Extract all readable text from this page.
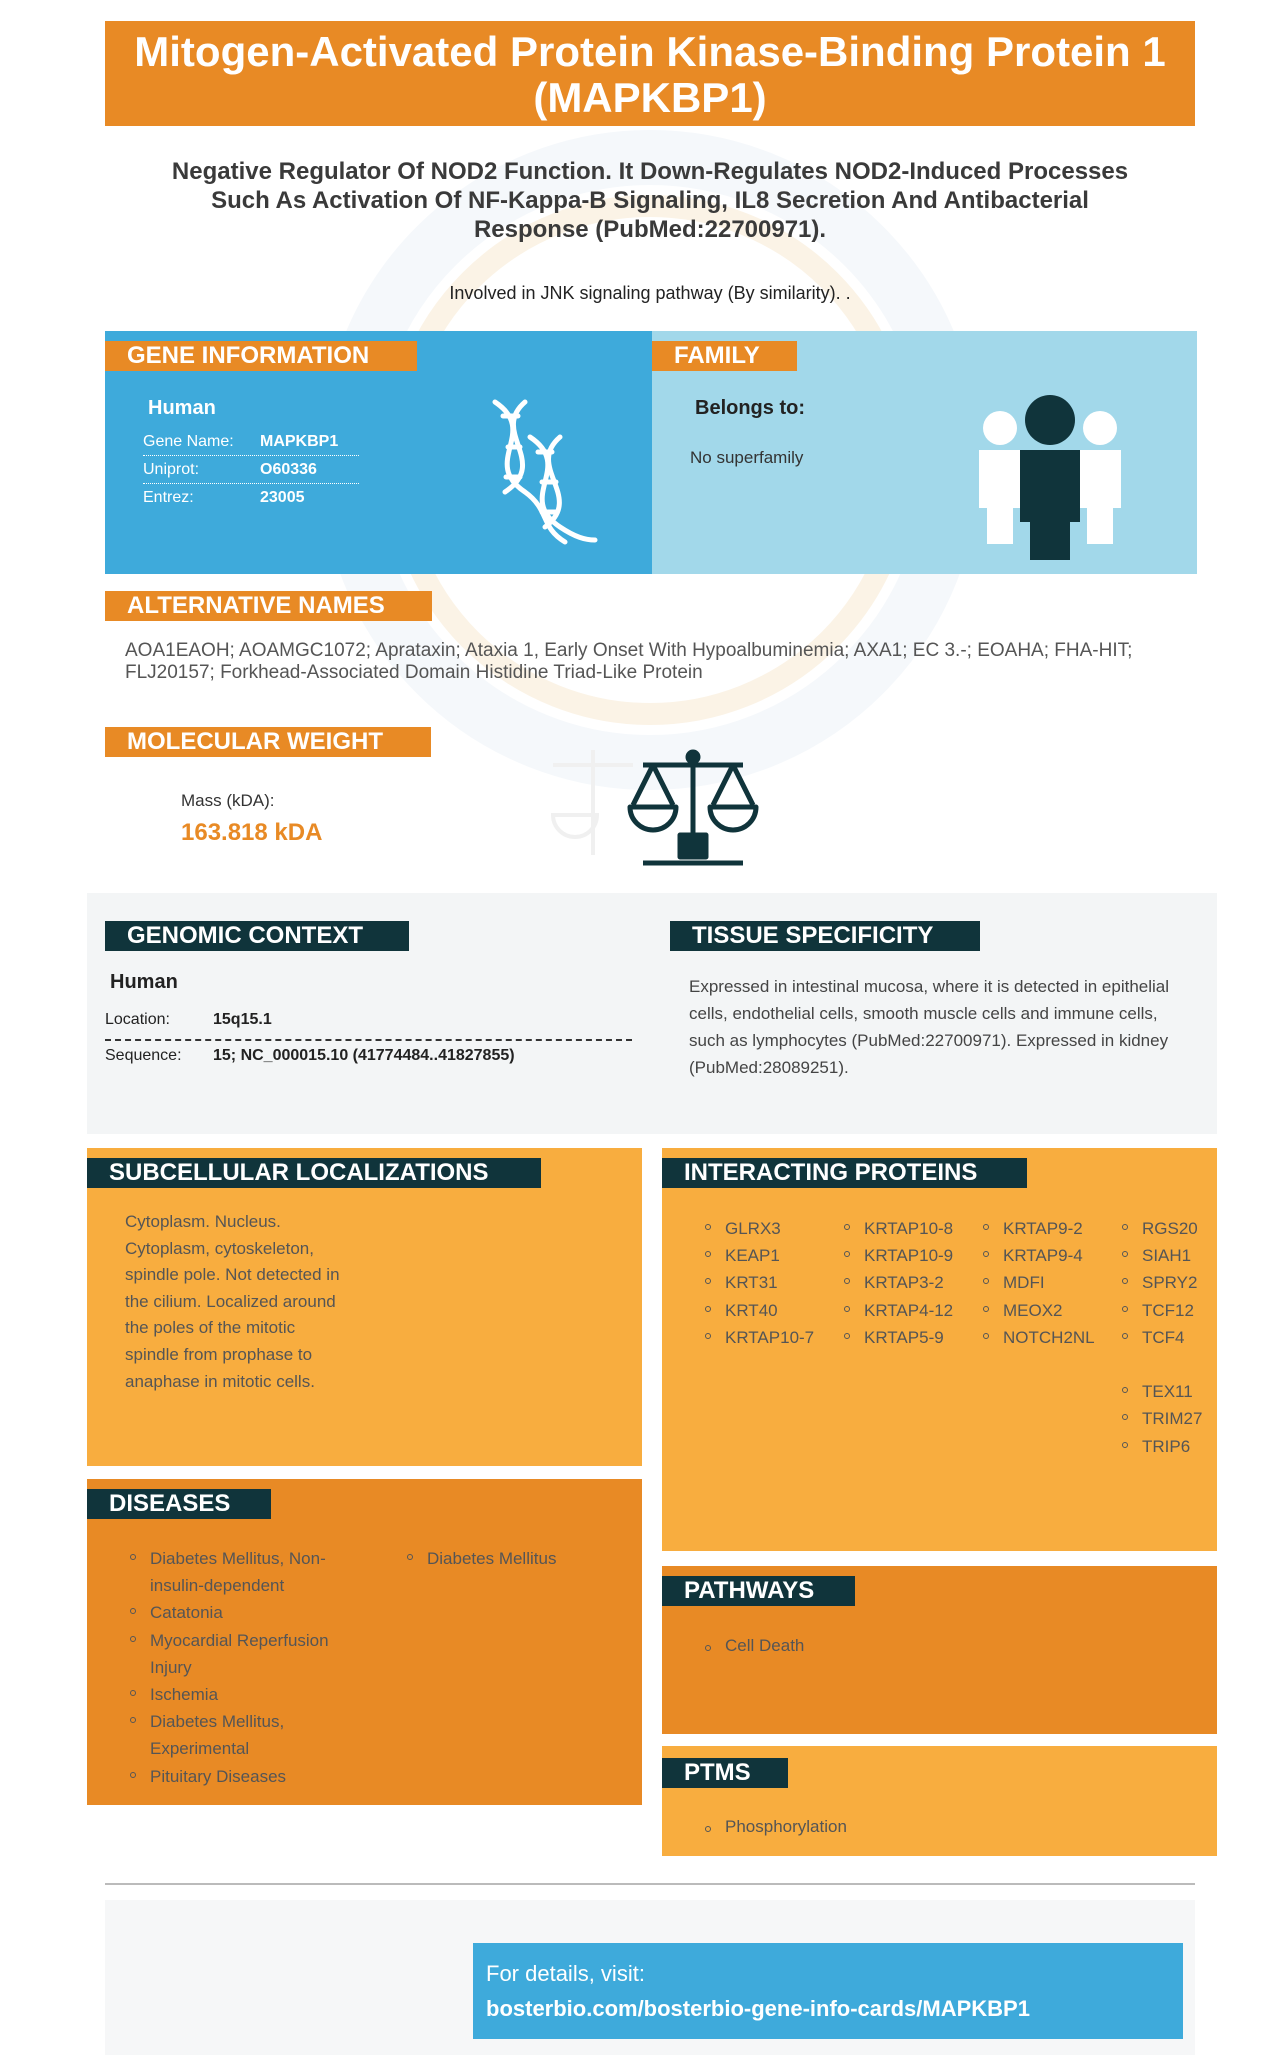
Mitogen-Activated Protein Kinase-Binding Protein 1 (MAPKBP1)
Negative Regulator Of NOD2 Function. It Down-Regulates NOD2-Induced Processes Such As Activation Of NF-Kappa-B Signaling, IL8 Secretion And Antibacterial Response (PubMed:22700971).
Involved in JNK signaling pathway (By similarity). .
GENE INFORMATION
Human
Gene Name:	MAPKBP1
Uniprot:	O60336
Entrez:	23005
FAMILY
Belongs to:
No superfamily
ALTERNATIVE NAMES
AOA1EAOH; AOAMGC1072; Aprataxin; Ataxia 1, Early Onset With Hypoalbuminemia; AXA1; EC 3.-; EOAHA; FHA-HIT; FLJ20157; Forkhead-Associated Domain Histidine Triad-Like Protein
MOLECULAR WEIGHT
Mass (kDA):
163.818 kDA
GENOMIC CONTEXT
Human
Location:	15q15.1
Sequence:	15; NC_000015.10 (41774484..41827855)
TISSUE SPECIFICITY
Expressed in intestinal mucosa, where it is detected in epithelial cells, endothelial cells, smooth muscle cells and immune cells, such as lymphocytes (PubMed:22700971). Expressed in kidney (PubMed:28089251).
SUBCELLULAR LOCALIZATIONS
Cytoplasm. Nucleus. Cytoplasm, cytoskeleton, spindle pole. Not detected in the cilium. Localized around the poles of the mitotic spindle from prophase to anaphase in mitotic cells.
INTERACTING PROTEINS
GLRX3
KEAP1
KRT31
KRT40
KRTAP10-7
KRTAP10-8
KRTAP10-9
KRTAP3-2
KRTAP4-12
KRTAP5-9
KRTAP9-2
KRTAP9-4
MDFI
MEOX2
NOTCH2NL
RGS20
SIAH1
SPRY2
TCF12
TCF4
TEX11
TRIM27
TRIP6
DISEASES
Diabetes Mellitus, Non-insulin-dependent
Catatonia
Myocardial Reperfusion Injury
Ischemia
Diabetes Mellitus, Experimental
Pituitary Diseases
Diabetes Mellitus
PATHWAYS
Cell Death
PTMS
Phosphorylation
For details, visit:
bosterbio.com/bosterbio-gene-info-cards/MAPKBP1
